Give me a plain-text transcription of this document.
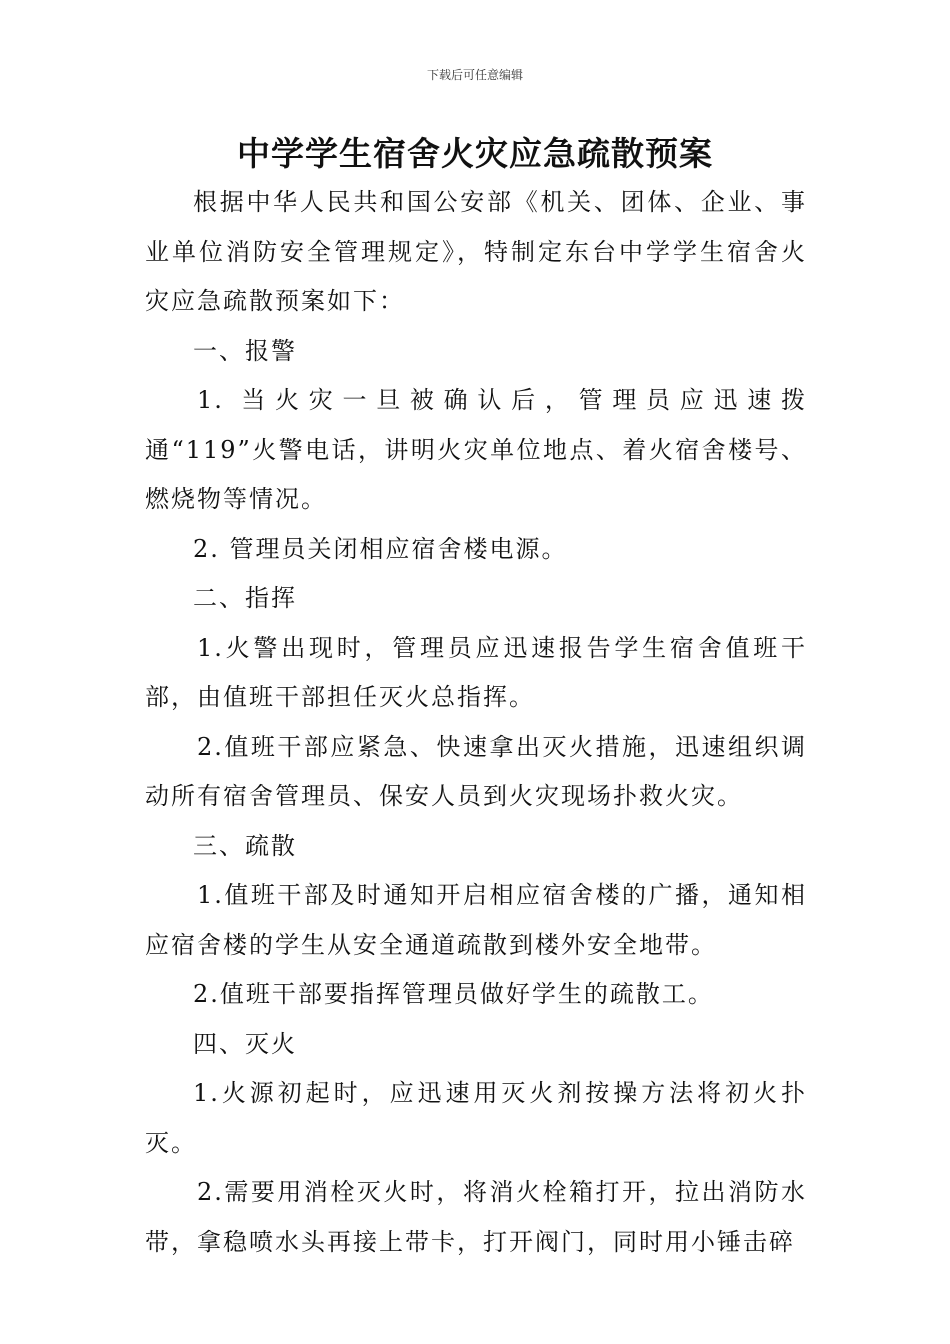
下载后可任意编辑
中学学生宿舍火灾应急疏散预案

根据中华人民共和国公安部《机关、团体、企业、事业单位消防安全管理规定》，特制定东台中学学生宿舍火灾应急疏散预案如下：

一、报警

1. 当火灾一旦被确认后，管理员应迅速拨通“119”火警电话，讲明火灾单位地点、着火宿舍楼号、燃烧物等情况。

2. 管理员关闭相应宿舍楼电源。

二、指挥

1.火警出现时，管理员应迅速报告学生宿舍值班干部，由值班干部担任灭火总指挥。

2.值班干部应紧急、快速拿出灭火措施，迅速组织调动所有宿舍管理员、保安人员到火灾现场扑救火灾。

三、疏散

1.值班干部及时通知开启相应宿舍楼的广播，通知相应宿舍楼的学生从安全通道疏散到楼外安全地带。

2.值班干部要指挥管理员做好学生的疏散工。

四、灭火

1.火源初起时，应迅速用灭火剂按操方法将初火扑灭。

2.需要用消栓灭火时，将消火栓箱打开，拉出消防水带，拿稳喷水头再接上带卡，打开阀门，同时用小锤击碎
